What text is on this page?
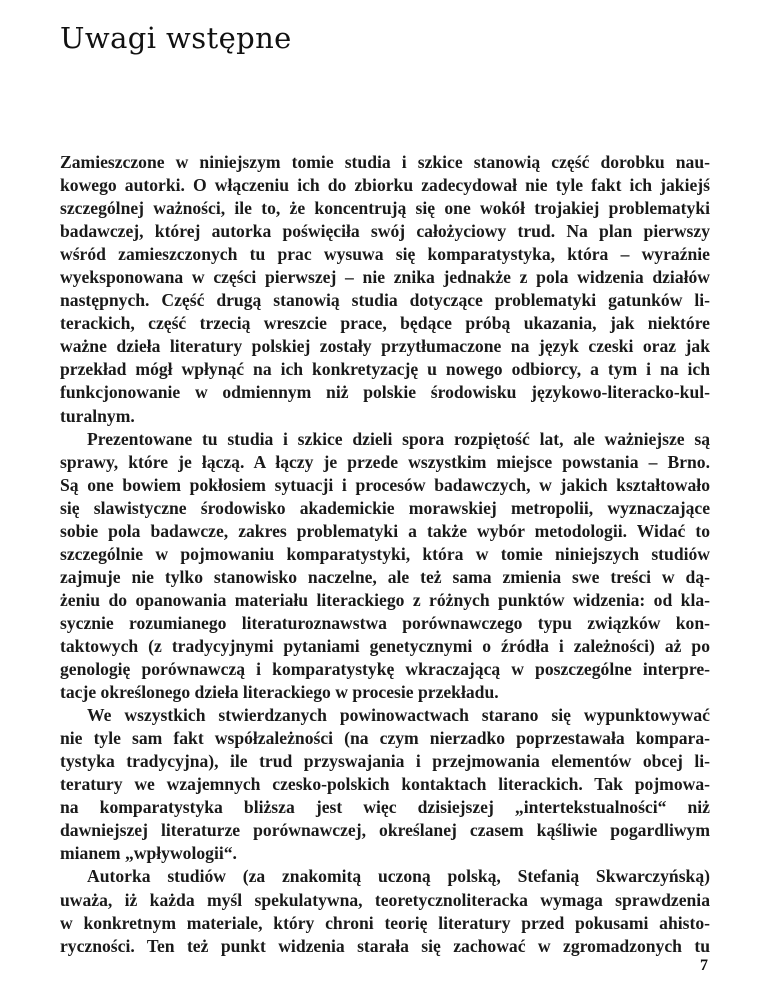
Uwagi wstępne

Zamieszczone w niniejszym tomie studia i szkice stanowią część dorobku nau-
kowego autorki. O włączeniu ich do zbiorku zadecydował nie tyle fakt ich jakiejś
szczególnej ważności, ile to, że koncentrują się one wokół trojakiej problematyki
badawczej, której autorka poświęciła swój całożyciowy trud. Na plan pierwszy
wśród zamieszczonych tu prac wysuwa się komparatystyka, która – wyraźnie
wyeksponowana w części pierwszej – nie znika jednakże z pola widzenia działów
następnych. Część drugą stanowią studia dotyczące problematyki gatunków li-
terackich, część trzecią wreszcie prace, będące próbą ukazania, jak niektóre
ważne dzieła literatury polskiej zostały przytłumaczone na język czeski oraz jak
przekład mógł wpłynąć na ich konkretyzację u nowego odbiorcy, a tym i na ich
funkcjonowanie w odmiennym niż polskie środowisku językowo-literacko-kul-
turalnym.

Prezentowane tu studia i szkice dzieli spora rozpiętość lat, ale ważniejsze są
sprawy, które je łączą. A łączy je przede wszystkim miejsce powstania – Brno.
Są one bowiem pokłosiem sytuacji i procesów badawczych, w jakich kształtowało
się slawistyczne środowisko akademickie morawskiej metropolii, wyznaczające
sobie pola badawcze, zakres problematyki a także wybór metodologii. Widać to
szczególnie w pojmowaniu komparatystyki, która w tomie niniejszych studiów
zajmuje nie tylko stanowisko naczelne, ale też sama zmienia swe treści w dą-
żeniu do opanowania materiału literackiego z różnych punktów widzenia: od kla-
sycznie rozumianego literaturoznawstwa porównawczego typu związków kon-
taktowych (z tradycyjnymi pytaniami genetycznymi o źródła i zależności) aż po
genologię porównawczą i komparatystykę wkraczającą w poszczególne interpre-
tacje określonego dzieła literackiego w procesie przekładu.

We wszystkich stwierdzanych powinowactwach starano się wypunktowywać
nie tyle sam fakt współzależności (na czym nierzadko poprzestawała kompara-
tystyka tradycyjna), ile trud przyswajania i przejmowania elementów obcej li-
teratury we wzajemnych czesko-polskich kontaktach literackich. Tak pojmowa-
na komparatystyka bliższa jest więc dzisiejszej „intertekstualności“ niż
dawniejszej literaturze porównawczej, określanej czasem kąśliwie pogardliwym
mianem „wpływologii“.

Autorka studiów (za znakomitą uczoną polską, Stefanią Skwarczyńską)
uważa, iż każda myśl spekulatywna, teoretycznoliteracka wymaga sprawdzenia
w konkretnym materiale, który chroni teorię literatury przed pokusami ahisto-
ryczności. Ten też punkt widzenia starała się zachować w zgromadzonych tu

7
